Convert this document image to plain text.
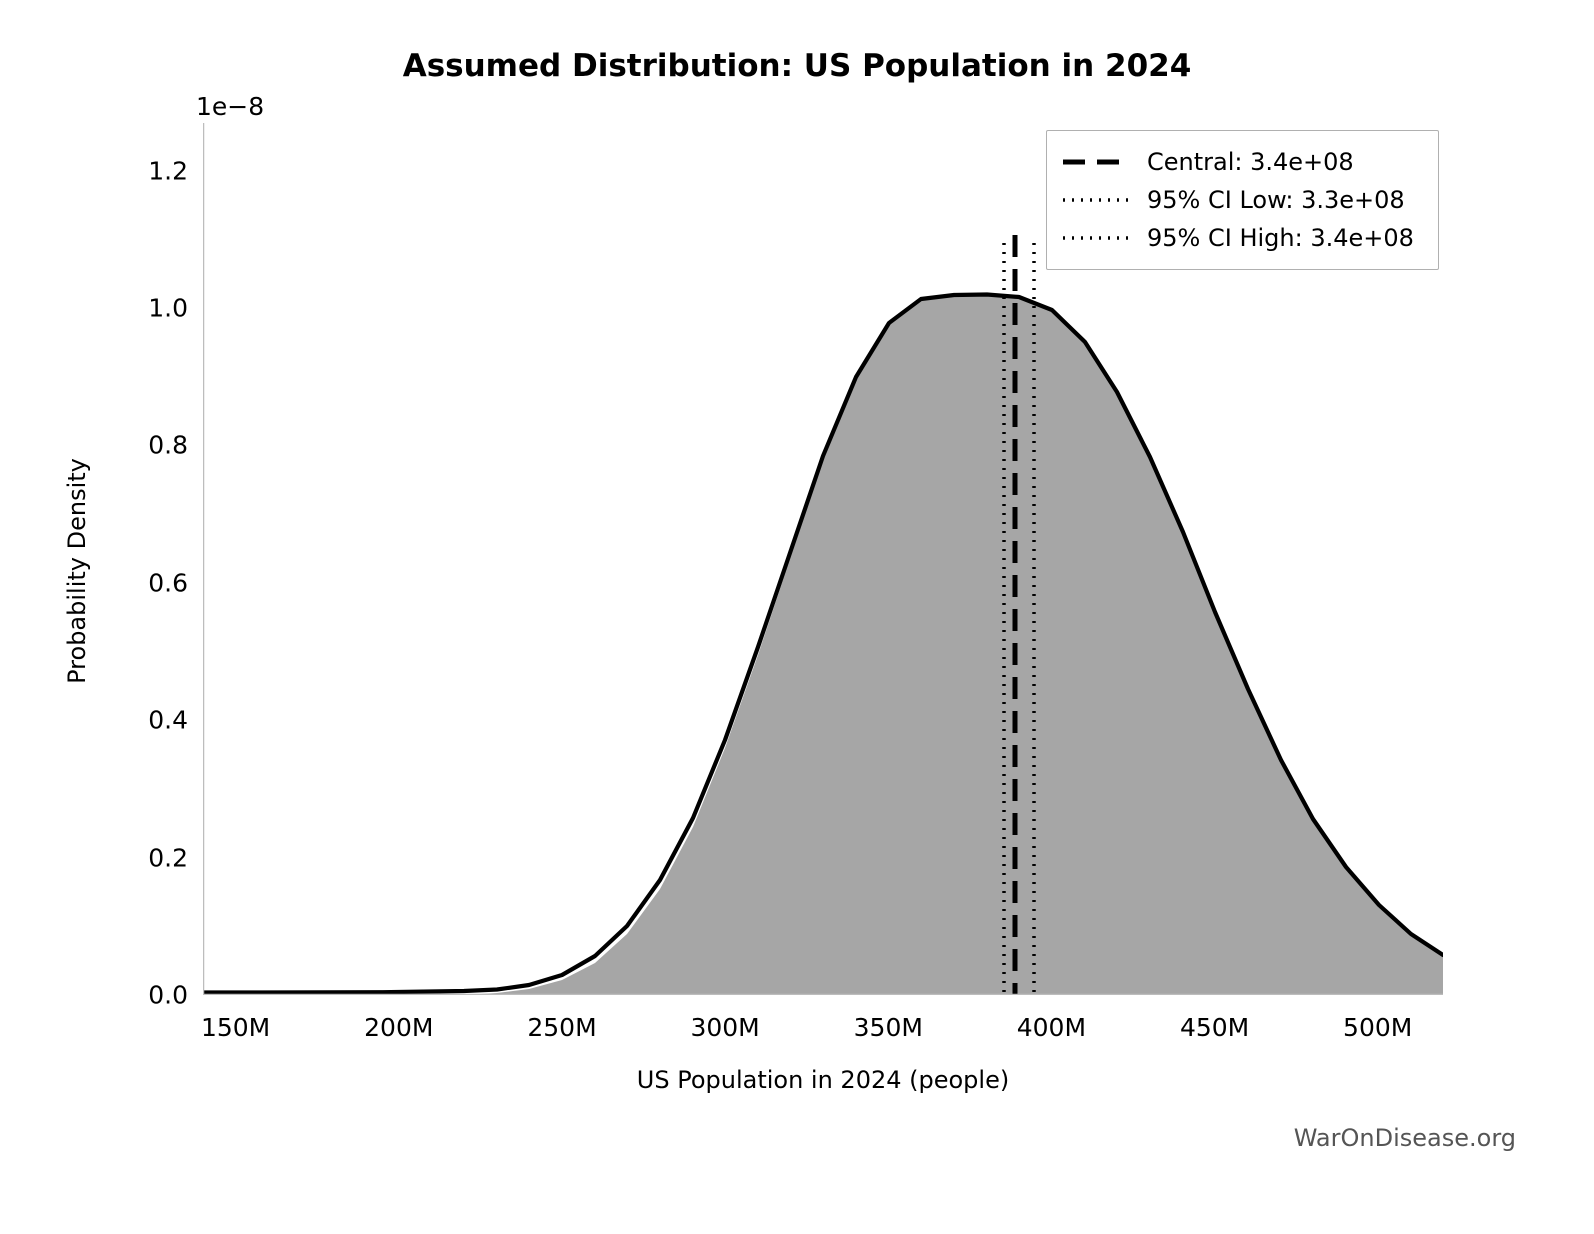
Assumed Distribution: US Population in 2024
1e−8
0.0
0.2
0.4
0.6
0.8
1.0
1.2
150M	200M	250M	300M	350M	400M	450M	500M
Probability Density
US Population in 2024 (people)
Central: 3.4e+08
95% CI Low: 3.3e+08
95% CI High: 3.4e+08
WarOnDisease.org
